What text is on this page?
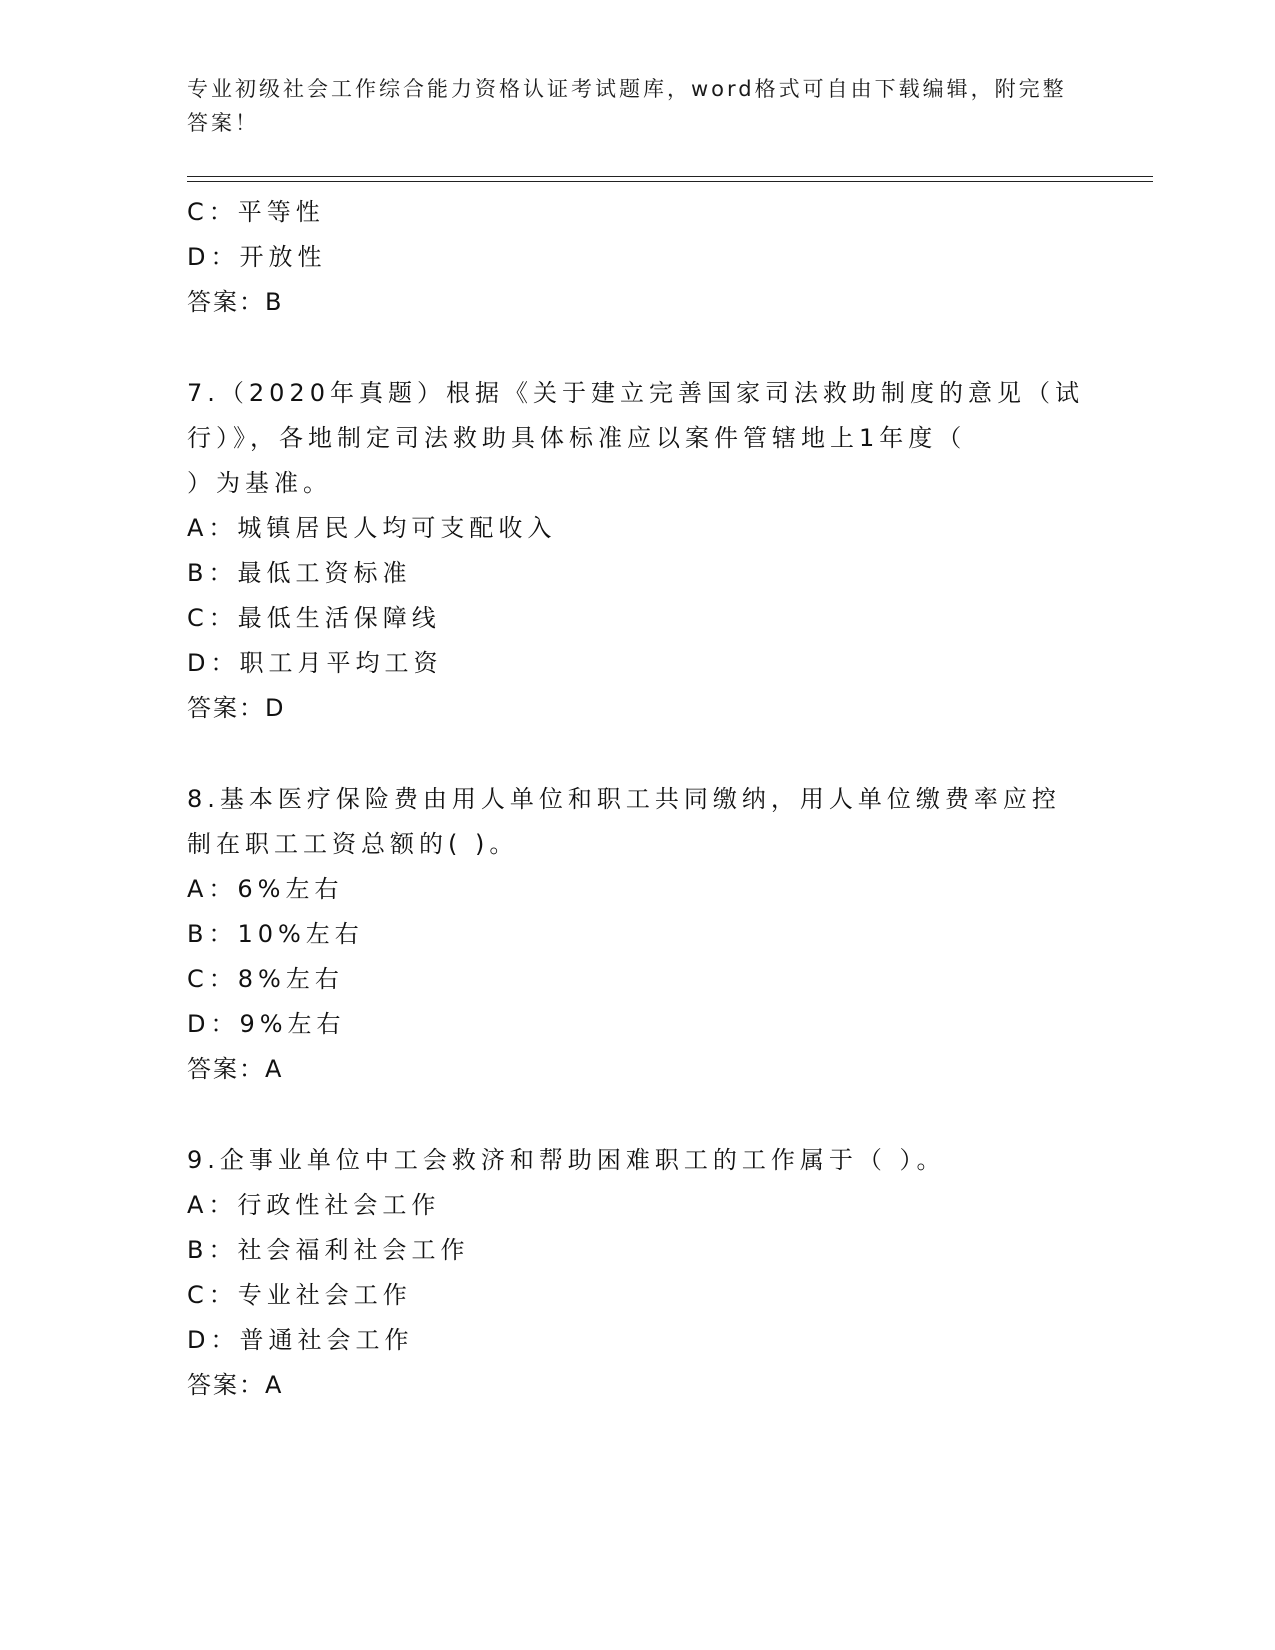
专业初级社会工作综合能力资格认证考试题库，word格式可自由下载编辑，附完整答案！
C：平等性
D：开放性
答案：B
7.（2020年真题）根据《关于建立完善国家司法救助制度的意见（试
行）》，各地制定司法救助具体标准应以案件管辖地上1年度（
）为基准。
A：城镇居民人均可支配收入
B：最低工资标准
C：最低生活保障线
D：职工月平均工资
答案：D
8.基本医疗保险费由用人单位和职工共同缴纳，用人单位缴费率应控
制在职工工资总额的( )。
A：6%左右
B：10%左右
C：8%左右
D：9%左右
答案：A
9.企事业单位中工会救济和帮助困难职工的工作属于（ ）。
A：行政性社会工作
B：社会福利社会工作
C：专业社会工作
D：普通社会工作
答案：A
